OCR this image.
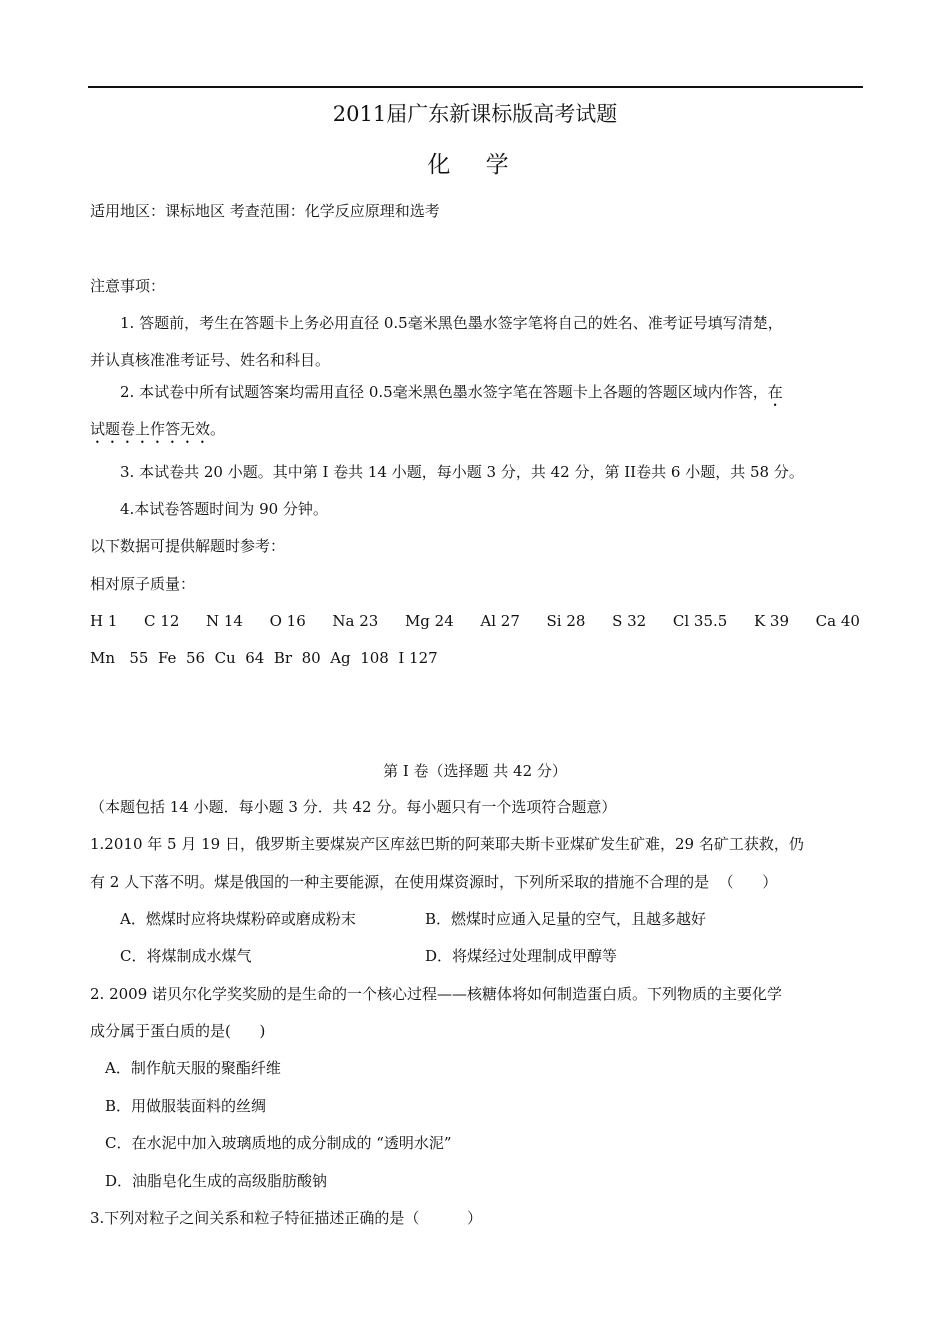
2011届广东新课标版高考试题
化 学
适用地区：课标地区 考查范围：化学反应原理和选考
注意事项：
1. 答题前，考生在答题卡上务必用直径 0.5毫米黑色墨水签字笔将自己的姓名、准考证号填写清楚，
并认真核准准考证号、姓名和科目。
2. 本试卷中所有试题答案均需用直径 0.5毫米黑色墨水签字笔在答题卡上各题的答题区域内作答，在
试题卷上作答无效。
3. 本试卷共 20 小题。其中第 I 卷共 14 小题，每小题 3 分，共 42 分，第 II卷共 6 小题，共 58 分。
4.本试卷答题时间为 90 分钟。
以下数据可提供解题时参考：
相对原子质量：
H 1 C 12 N 14 O 16 Na 23 Mg 24 Al 27 Si 28 S 32 Cl 35.5 K 39 Ca 40
Mn   55  Fe  56  Cu  64  Br  80  Ag  108  I 127
第 I 卷（选择题 共 42 分）
（本题包括 14 小题．每小题 3 分．共 42 分。每小题只有一个选项符合题意）
1.2010 年 5 月 19 日，俄罗斯主要煤炭产区库兹巴斯的阿莱耶夫斯卡亚煤矿发生矿难，29 名矿工获救，仍
有 2 人下落不明。煤是俄国的一种主要能源，在使用煤资源时，下列所采取的措施不合理的是  （      ）
A．燃煤时应将块煤粉碎或磨成粉末	B．燃煤时应通入足量的空气，且越多越好
C．将煤制成水煤气	D．将煤经过处理制成甲醇等
2. 2009 诺贝尔化学奖奖励的是生命的一个核心过程——核糖体将如何制造蛋白质。下列物质的主要化学
成分属于蛋白质的是(      )
A．制作航天服的聚酯纤维
B．用做服装面料的丝绸
C．在水泥中加入玻璃质地的成分制成的 “透明水泥”
D．油脂皂化生成的高级脂肪酸钠
3.下列对粒子之间关系和粒子特征描述正确的是（          ）
